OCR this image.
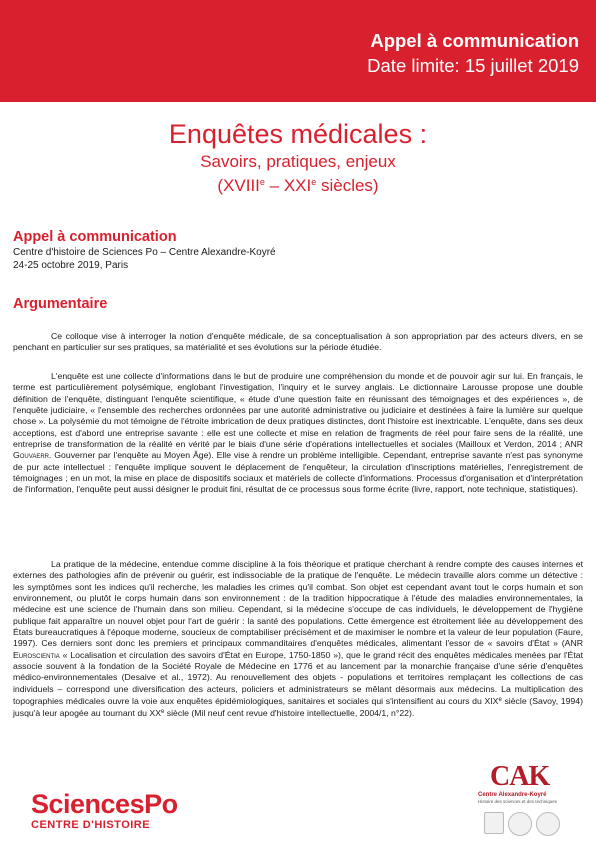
Appel à communication
Date limite: 15 juillet 2019
Enquêtes médicales :
Savoirs, pratiques, enjeux
(XVIIIe – XXIe siècles)
Appel à communication
Centre d'histoire de Sciences Po – Centre Alexandre-Koyré
24-25 octobre 2019, Paris
Argumentaire

Ce colloque vise à interroger la notion d'enquête médicale, de sa conceptualisation à son appropriation par des acteurs divers, en se penchant en particulier sur ses pratiques, sa matérialité et ses évolutions sur la période étudiée.

L'enquête est une collecte d'informations dans le but de produire une compréhension du monde et de pouvoir agir sur lui. En français, le terme est particulièrement polysémique, englobant l'investigation, l'inquiry et le survey anglais. Le dictionnaire Larousse propose une double définition de l'enquête, distinguant l'enquête scientifique, « étude d'une question faite en réunissant des témoignages et des expériences », de l'enquête judiciaire, « l'ensemble des recherches ordonnées par une autorité administrative ou judiciaire et destinées à faire la lumière sur quelque chose ». La polysémie du mot témoigne de l'étroite imbrication de deux pratiques distinctes, dont l'histoire est inextricable. L'enquête, dans ses deux acceptions, est d'abord une entreprise savante : elle est une collecte et mise en relation de fragments de réel pour faire sens de la réalité, une entreprise de transformation de la réalité en vérité par le biais d'une série d'opérations intellectuelles et sociales (Mailloux et Verdon, 2014 ; ANR Gouvaerr. Gouverner par l'enquête au Moyen Âge). Elle vise à rendre un problème intelligible. Cependant, entreprise savante n'est pas synonyme de pur acte intellectuel : l'enquête implique souvent le déplacement de l'enquêteur, la circulation d'inscriptions matérielles, l'enregistrement de témoignages ; en un mot, la mise en place de dispositifs sociaux et matériels de collecte d'informations. Processus d'organisation et d'interprétation de l'information, l'enquête peut aussi désigner le produit fini, résultat de ce processus sous forme écrite (livre, rapport, note technique, statistiques).

La pratique de la médecine, entendue comme discipline à la fois théorique et pratique cherchant à rendre compte des causes internes et externes des pathologies afin de prévenir ou guérir, est indissociable de la pratique de l'enquête. Le médecin travaille alors comme un détective : les symptômes sont les indices qu'il recherche, les maladies les crimes qu'il combat. Son objet est cependant avant tout le corps humain et son environnement, ou plutôt le corps humain dans son environnement : de la tradition hippocratique à l'étude des maladies environnementales, la médecine est une science de l'humain dans son milieu. Cependant, si la médecine s'occupe de cas individuels, le développement de l'hygiène publique fait apparaître un nouvel objet pour l'art de guérir : la santé des populations. Cette émergence est étroitement liée au développement des États bureaucratiques à l'époque moderne, soucieux de comptabiliser précisément et de maximiser le nombre et la valeur de leur population (Faure, 1997). Ces derniers sont donc les premiers et principaux commanditaires d'enquêtes médicales, alimentant l'essor de « savoirs d'État » (ANR Euroscientia « Localisation et circulation des savoirs d'État en Europe, 1750-1850 »), que le grand récit des enquêtes médicales menées par l'État associe souvent à la fondation de la Société Royale de Médecine en 1776 et au lancement par la monarchie française d'une série d'enquêtes médico-environnementales (Desaive et al., 1972). Au renouvellement des objets - populations et territoires remplaçant les collections de cas individuels – correspond une diversification des acteurs, policiers et administrateurs se mêlant désormais aux médecins. La multiplication des topographies médicales ouvre la voie aux enquêtes épidémiologiques, sanitaires et sociales qui s'intensifient au cours du XIXe siècle (Savoy, 1994) jusqu'à leur apogée au tournant du XXe siècle (Mil neuf cent revue d'histoire intellectuelle, 2004/1, n°22).

SciencesPo
CENTRE D'HISTOIRE
CAK
Centre Alexandre-Koyré
Histoire des sciences et des techniques
